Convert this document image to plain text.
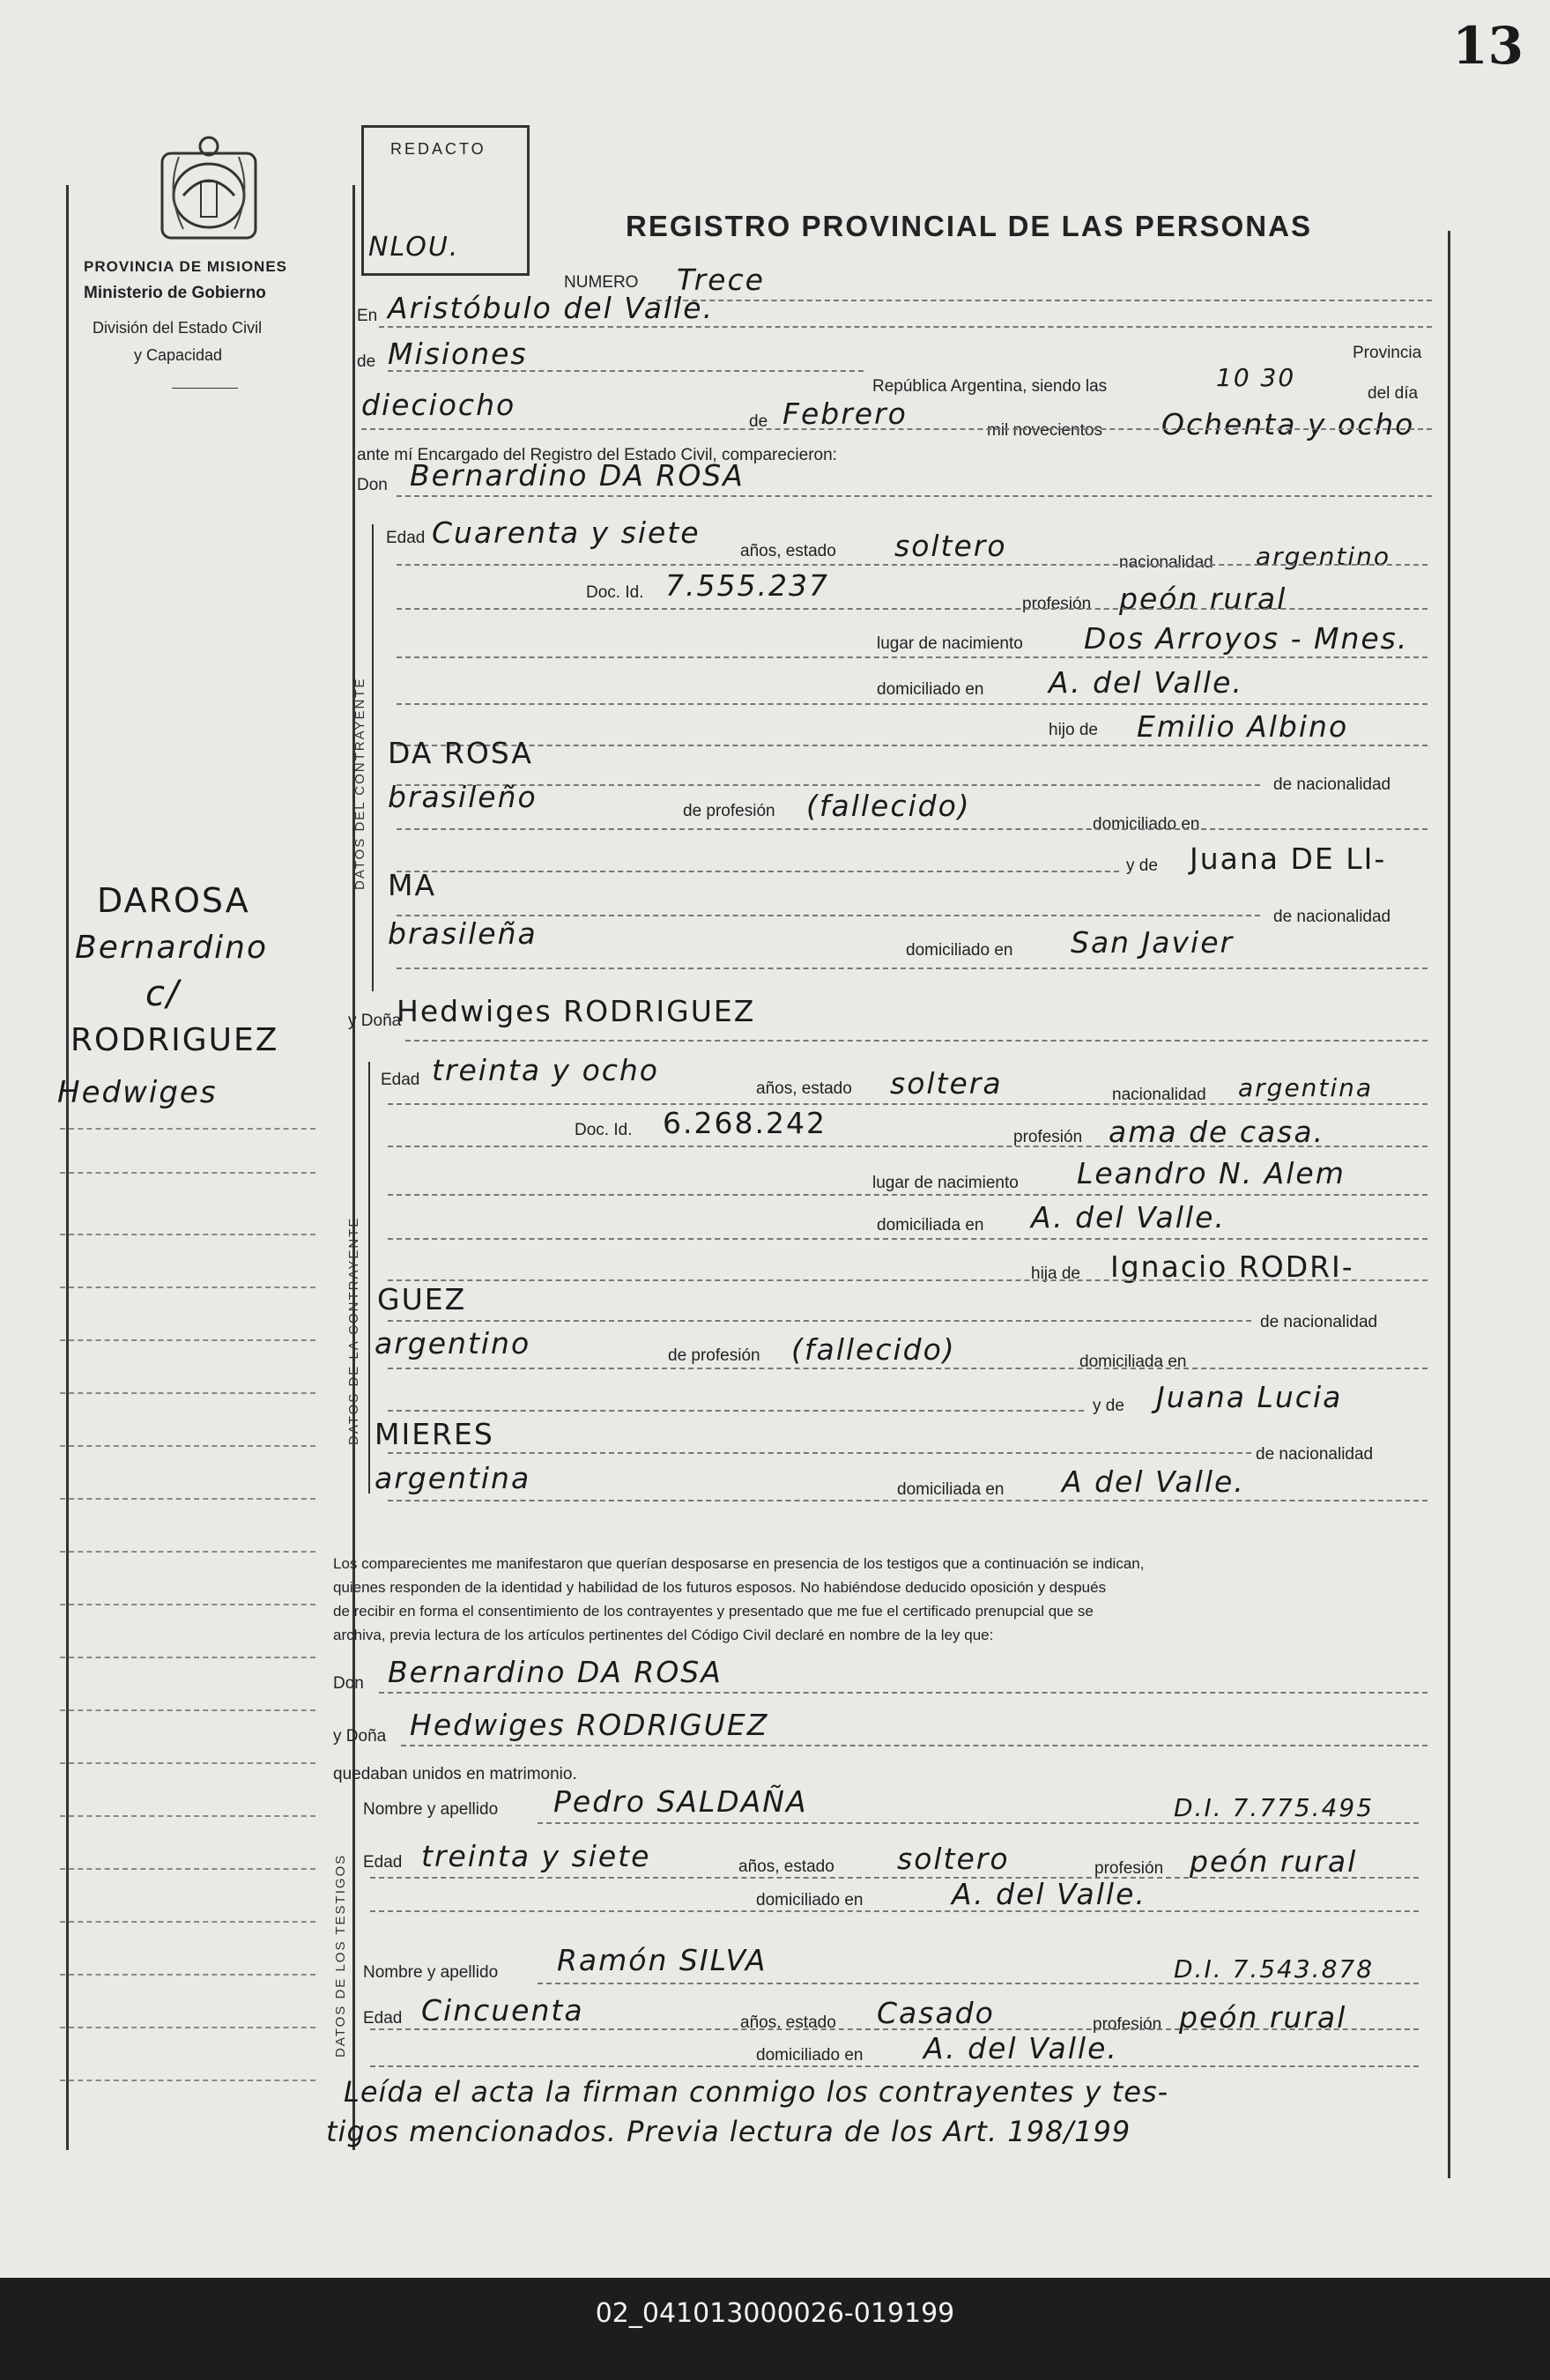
13
PROVINCIA DE MISIONES
Ministerio de Gobierno
División del Estado Civil
y Capacidad
REDACTO
NLOU.
REGISTRO PROVINCIAL DE LAS PERSONAS
DAROSA
Bernardino
c/
RODRIGUEZ
Hedwiges
NUMERO Trece
En Aristóbulo del Valle.
de Misiones	Provincia
República Argentina, siendo las	10 30
del día
dieciocho	de Febrero	mil novecientos Ochenta y ocho
ante mí Encargado del Registro del Estado Civil, comparecieron:
Don Bernardino DA ROSA
DATOS DEL CONTRAYENTE
Edad Cuarenta y siete
años, estado soltero	nacionalidad argentino
Doc. Id. 7.555.237
profesión peón rural
lugar de nacimiento Dos Arroyos - Mnes.
domiciliado en A. del Valle.
hijo de Emilio Albino
DA ROSA
de nacionalidad
brasileño	de profesión (fallecido)
domiciliado en
y de Juana DE LI-
MA
de nacionalidad
brasileña	domiciliado en San Javier
y Doña
Hedwiges RODRIGUEZ
DATOS DE LA CONTRAYENTE
Edad treinta y ocho
años, estado soltera	nacionalidad argentina
Doc. Id. 6.268.242	profesión ama de casa.
lugar de nacimiento Leandro N. Alem
domiciliada en A. del Valle.
hija de Ignacio RODRI-
GUEZ
de nacionalidad
argentino	de profesión (fallecido)	domiciliada en
y de Juana Lucia
MIERES
de nacionalidad
argentina	domiciliada en A del Valle.
Los comparecientes me manifestaron que querían desposarse en presencia de los testigos que a continuación se indican,
quienes responden de la identidad y habilidad de los futuros esposos. No habiéndose deducido oposición y después
de recibir en forma el consentimiento de los contrayentes y presentado que me fue el certificado prenupcial que se
archiva, previa lectura de los artículos pertinentes del Código Civil declaré en nombre de la ley que:
Don Bernardino DA ROSA
y Doña Hedwiges RODRIGUEZ
quedaban unidos en matrimonio.
DATOS DE LOS TESTIGOS
Nombre y apellido Pedro SALDAÑA	D.I. 7.775.495
Edad treinta y siete	años, estado soltero	profesión peón rural
domiciliado en	A. del Valle.
Nombre y apellido Ramón SILVA	D.I. 7.543.878
Edad Cincuenta	años, estado Casado	profesión peón rural
domiciliado en A. del Valle.
Leída el acta la firman conmigo los contrayentes y tes-
tigos mencionados. Previa lectura de los Art. 198/199
02_041013000026-019199
